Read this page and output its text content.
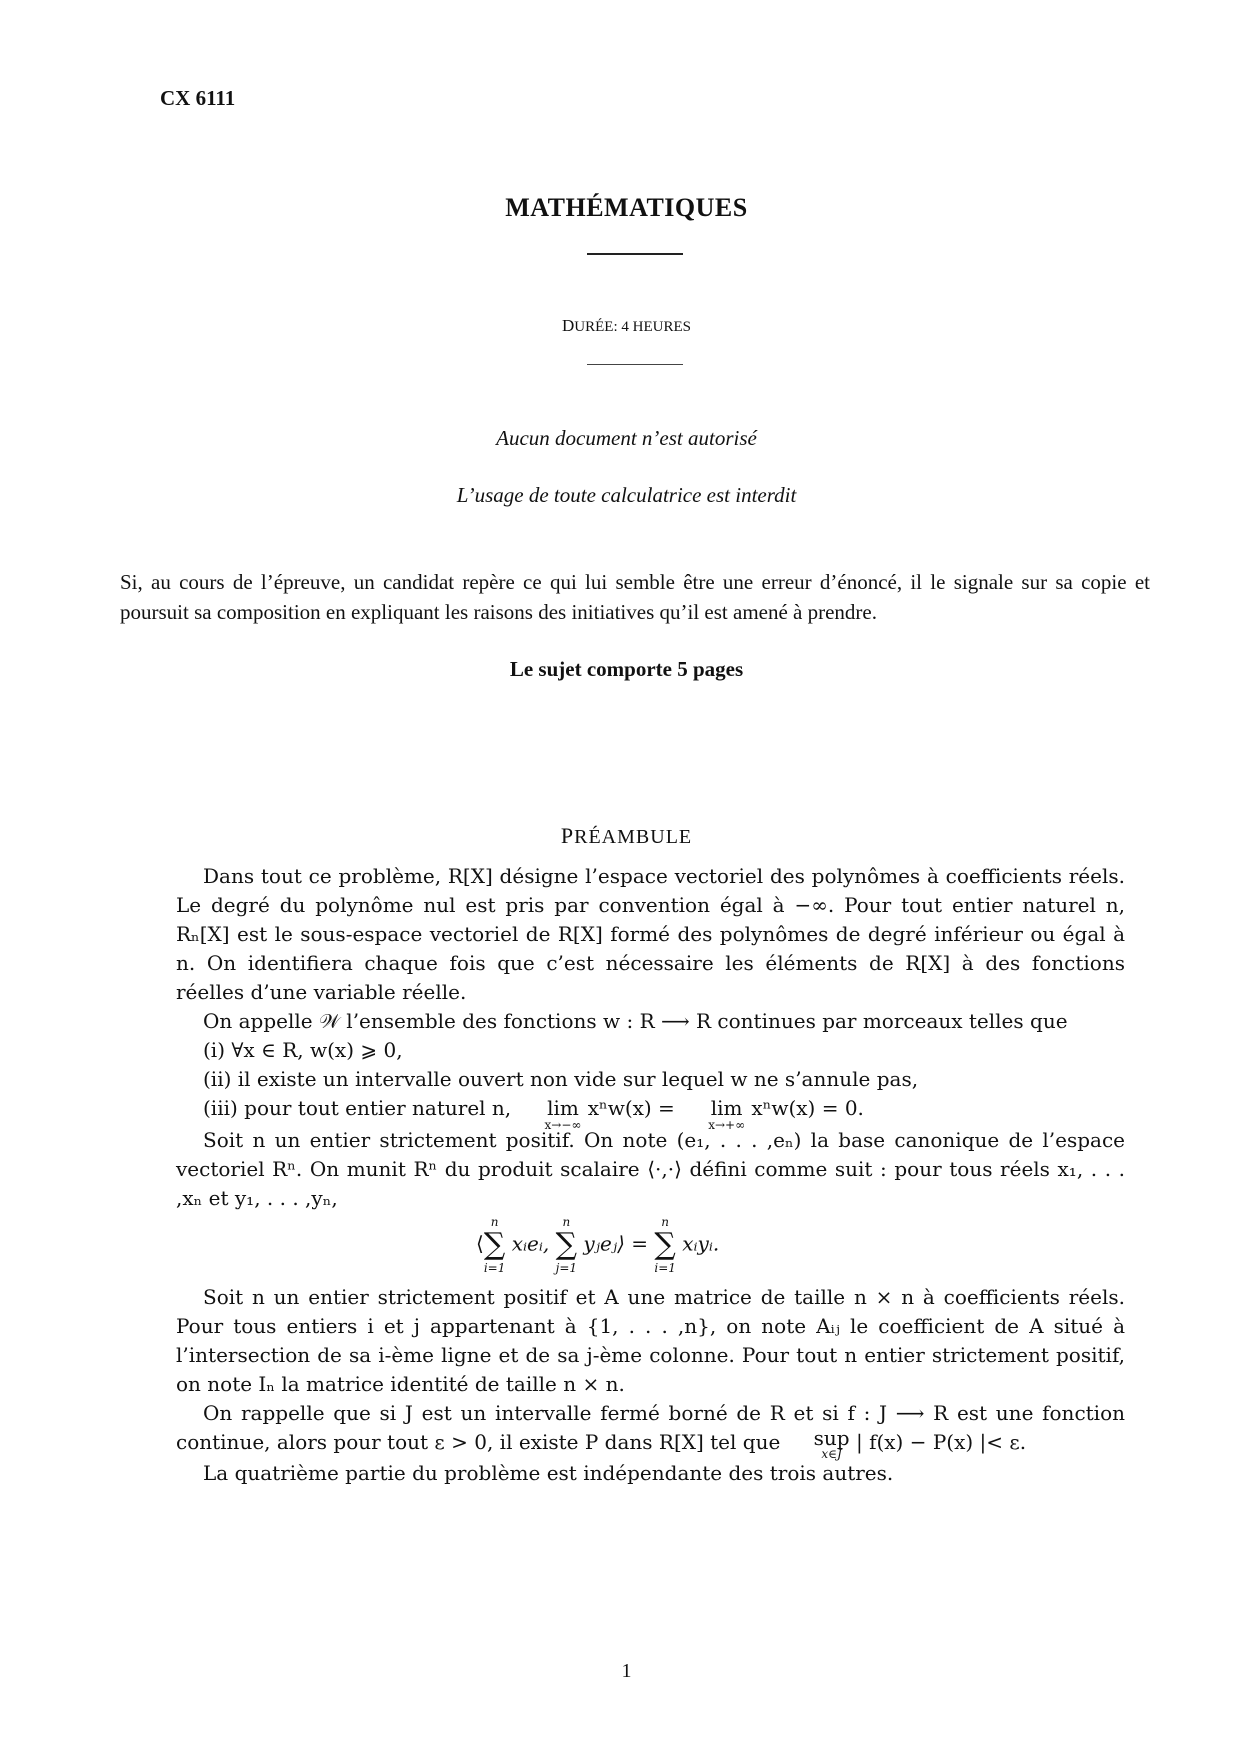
CX 6111
MATHÉMATIQUES
DURÉE: 4 HEURES
Aucun document n’est autorisé
L’usage de toute calculatrice est interdit
Si, au cours de l’épreuve, un candidat repère ce qui lui semble être une erreur d’énoncé, il le signale sur sa copie et poursuit sa composition en expliquant les raisons des initiatives qu’il est amené à prendre.
Le sujet comporte 5 pages
PRÉAMBULE

Dans tout ce problème, R[X] désigne l’espace vectoriel des polynômes à coefficients réels. Le degré du polynôme nul est pris par convention égal à −∞. Pour tout entier naturel n, Rₙ[X] est le sous-espace vectoriel de R[X] formé des polynômes de degré inférieur ou égal à n. On identifiera chaque fois que c’est nécessaire les éléments de R[X] à des fonctions réelles d’une variable réelle.

On appelle 𝒲 l’ensemble des fonctions w : R ⟶ R continues par morceaux telles que

(i) ∀x ∈ R, w(x) ⩾ 0,

(ii) il existe un intervalle ouvert non vide sur lequel w ne s’annule pas,

(iii) pour tout entier naturel n, lim
x→−∞
xⁿw(x) = lim
x→+∞
xⁿw(x) = 0.

Soit n un entier strictement positif. On note (e₁, . . . ,eₙ) la base canonique de l’espace vectoriel Rⁿ. On munit Rⁿ du produit scalaire ⟨·,·⟩ défini comme suit : pour tous réels x₁, . . . ,xₙ et y₁, . . . ,yₙ,

⟨
n
∑
i=1
xᵢeᵢ,
n
∑
j=1
yⱼeⱼ⟩ =
n
∑
i=1
xᵢyᵢ.

Soit n un entier strictement positif et A une matrice de taille n × n à coefficients réels. Pour tous entiers i et j appartenant à {1, . . . ,n}, on note Aᵢⱼ le coefficient de A situé à l’intersection de sa i-ème ligne et de sa j-ème colonne. Pour tout n entier strictement positif, on note Iₙ la matrice identité de taille n × n.

On rappelle que si J est un intervalle fermé borné de R et si f : J ⟶ R est une fonction continue, alors pour tout ε > 0, il existe P dans R[X] tel que sup
x∈J | f(x) − P(x) |< ε.

La quatrième partie du problème est indépendante des trois autres.

1
